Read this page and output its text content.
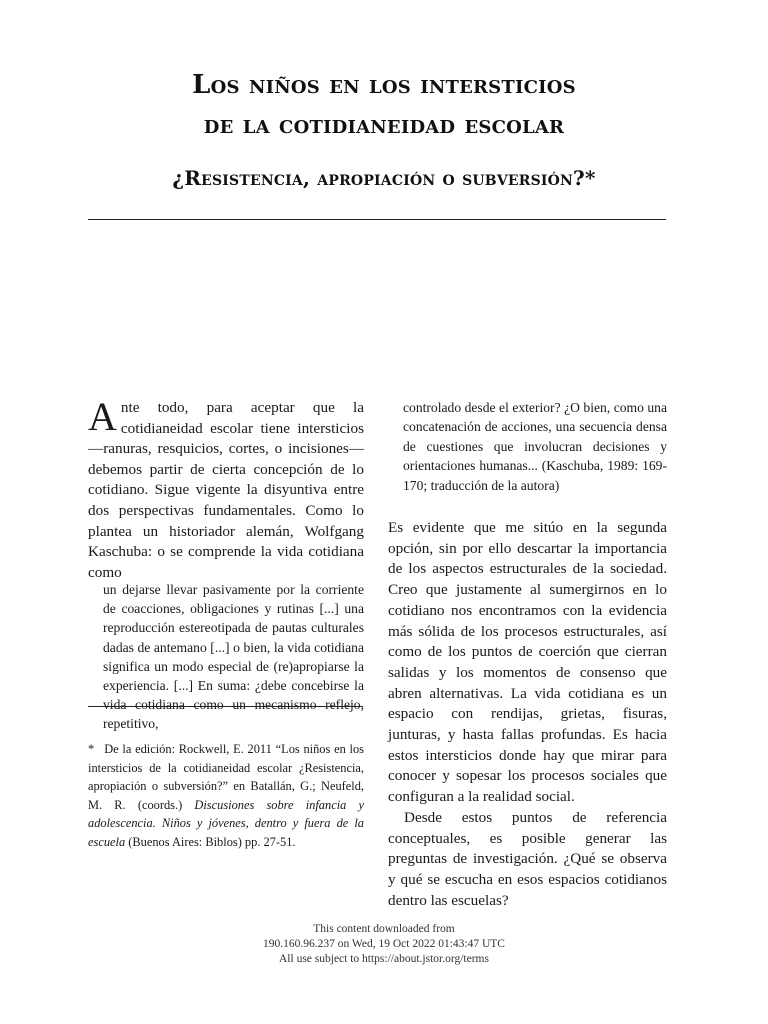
Los niños en los intersticios
de la cotidianeidad escolar
¿Resistencia, apropiación o subversión?*

Ante todo, para aceptar que la cotidianeidad escolar tiene intersticios —ranuras, resquicios, cortes, o incisiones— debemos partir de cierta concepción de lo cotidiano. Sigue vigente la disyuntiva entre dos perspectivas fundamentales. Como lo plantea un historiador alemán, Wolfgang Kaschuba: o se comprende la vida cotidiana como

un dejarse llevar pasivamente por la corriente de coacciones, obligaciones y rutinas [...] una reproducción estereotipada de pautas culturales dadas de antemano [...] o bien, la vida cotidiana significa un modo especial de (re)apropiarse la experiencia. [...] En suma: ¿debe concebirse la vida cotidiana como un mecanismo reflejo, repetitivo,

* De la edición: Rockwell, E. 2011 “Los niños en los intersticios de la cotidianeidad escolar ¿Resistencia, apropiación o subversión?” en Batallán, G.; Neufeld, M. R. (coords.) Discusiones sobre infancia y adolescencia. Niños y jóvenes, dentro y fuera de la escuela (Buenos Aires: Biblos) pp. 27-51.

controlado desde el exterior? ¿O bien, como una concatenación de acciones, una secuencia densa de cuestiones que involucran decisiones y orientaciones humanas... (Kaschuba, 1989: 169-170; traducción de la autora)

Es evidente que me sitúo en la segunda opción, sin por ello descartar la importancia de los aspectos estructurales de la sociedad. Creo que justamente al sumergirnos en lo cotidiano nos encontramos con la evidencia más sólida de los procesos estructurales, así como de los puntos de coerción que cierran salidas y los momentos de consenso que abren alternativas. La vida cotidiana es un espacio con rendijas, grietas, fisuras, junturas, y hasta fallas profundas. Es hacia estos intersticios donde hay que mirar para conocer y sopesar los procesos sociales que configuran a la realidad social.

Desde estos puntos de referencia conceptuales, es posible generar las preguntas de investigación. ¿Qué se observa y qué se escucha en esos espacios cotidianos dentro las escuelas?

This content downloaded from
190.160.96.237 on Wed, 19 Oct 2022 01:43:47 UTC
All use subject to https://about.jstor.org/terms
